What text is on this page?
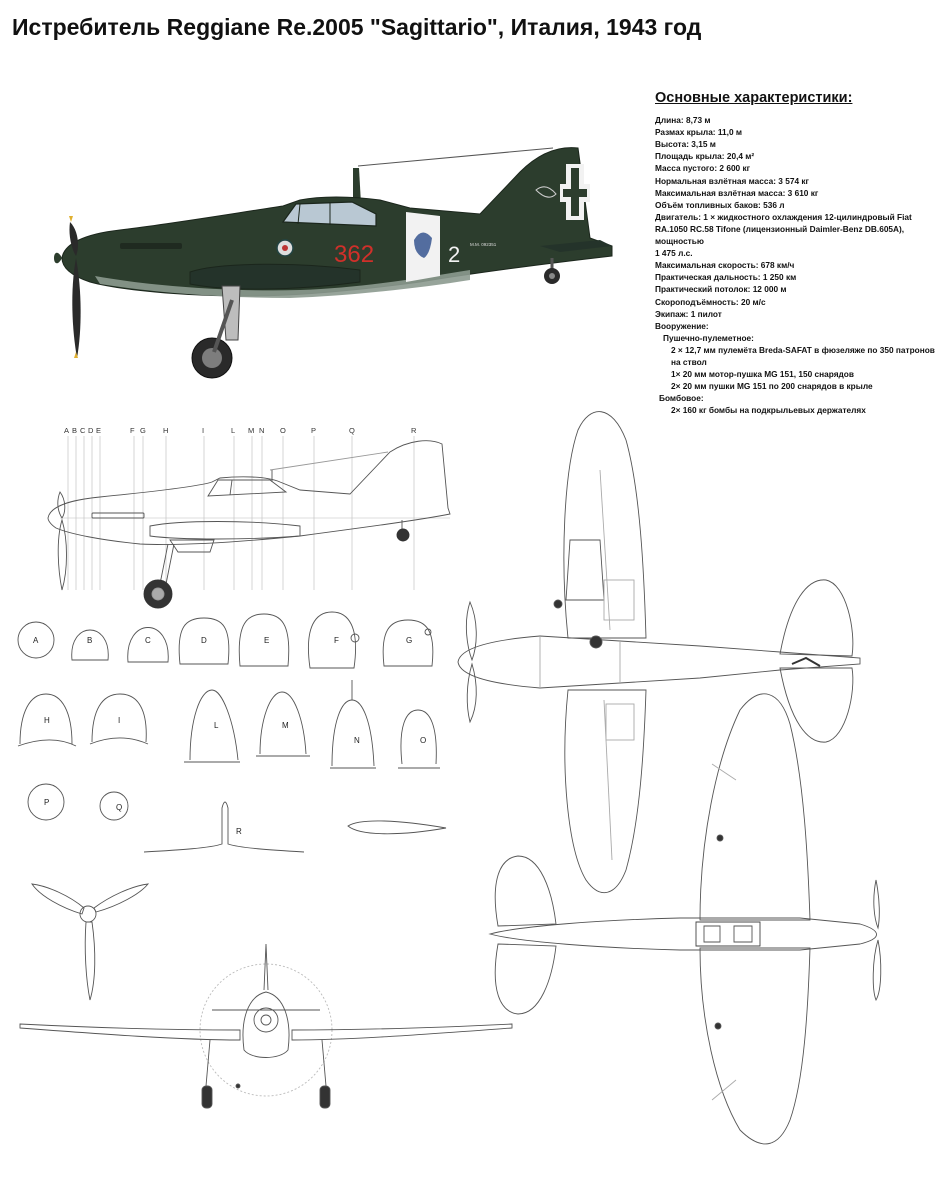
Истребитель Reggiane Re.2005 "Sagittario", Италия, 1943 год
Основные характеристики:
Длина: 8,73 м
Размах крыла: 11,0 м
Высота: 3,15 м
Площадь крыла: 20,4 м²
Масса пустого: 2 600 кг
Нормальная взлётная масса: 3 574 кг
Максимальная взлётная масса: 3 610 кг
Объём топливных баков: 536 л
Двигатель: 1 × жидкостного охлаждения 12-цилиндровый Fiat RA.1050 RC.58 Tifone (лицензионный Daimler-Benz DB.605A), мощностью
1 475 л.с.
Максимальная скорость: 678 км/ч
Практическая дальность: 1 250 км
Практический потолок: 12 000 м
Скороподъёмность: 20 м/с
Экипаж: 1 пилот
Вооружение:
Пушечно-пулеметное:
2 × 12,7 мм пулемёта Breda-SAFAT в фюзеляже по 350 патронов на ствол
1× 20 мм мотор-пушка MG 151, 150 снарядов
2× 20 мм пушки MG 151 по 200 снарядов в крыле
Бомбовое:
2× 160 кг бомбы на подкрыльевых держателях
362	2 M.M. 092351
A B C D E	F G H	I	L M N O	P	Q	R
A	B	C	D	E	F	G
H	I
L	M
N	O
P
Q
R
